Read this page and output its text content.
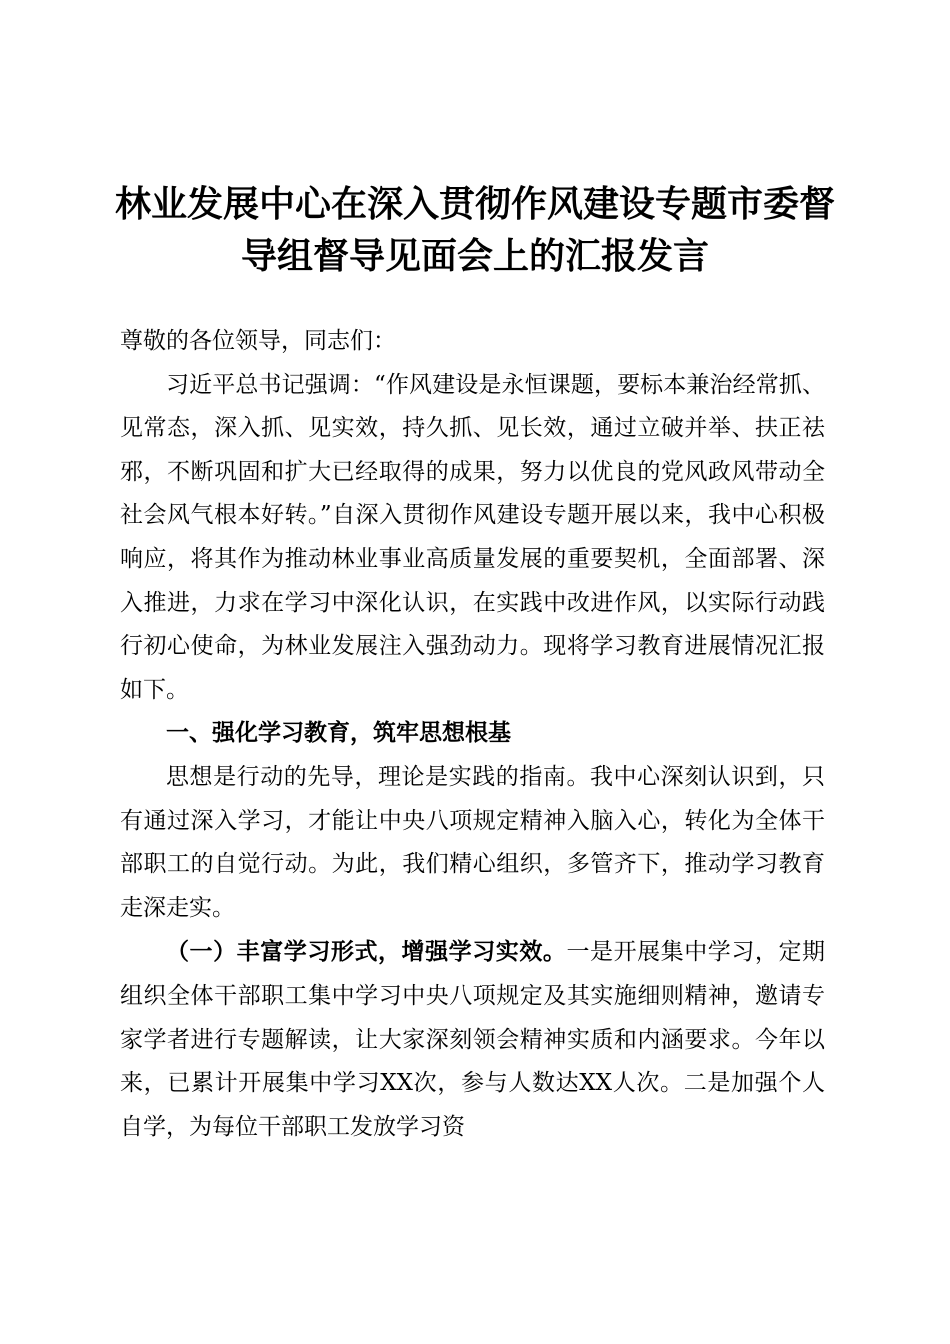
林业发展中心在深入贯彻作风建设专题市委督导组督导见面会上的汇报发言

尊敬的各位领导，同志们：

习近平总书记强调：“作风建设是永恒课题，要标本兼治经常抓、见常态，深入抓、见实效，持久抓、见长效，通过立破并举、扶正祛邪，不断巩固和扩大已经取得的成果，努力以优良的党风政风带动全社会风气根本好转。”自深入贯彻作风建设专题开展以来，我中心积极响应，将其作为推动林业事业高质量发展的重要契机，全面部署、深入推进，力求在学习中深化认识，在实践中改进作风，以实际行动践行初心使命，为林业发展注入强劲动力。现将学习教育进展情况汇报如下。

一、强化学习教育，筑牢思想根基

思想是行动的先导，理论是实践的指南。我中心深刻认识到，只有通过深入学习，才能让中央八项规定精神入脑入心，转化为全体干部职工的自觉行动。为此，我们精心组织，多管齐下，推动学习教育走深走实。

（一）丰富学习形式，增强学习实效。一是开展集中学习，定期组织全体干部职工集中学习中央八项规定及其实施细则精神，邀请专家学者进行专题解读，让大家深刻领会精神实质和内涵要求。今年以来，已累计开展集中学习XX次，参与人数达XX人次。二是加强个人自学，为每位干部职工发放学习资
